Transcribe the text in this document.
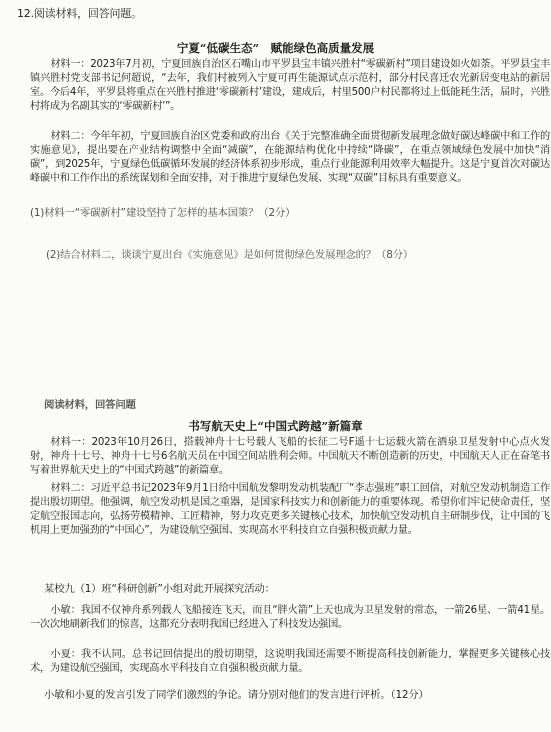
12.阅读材料，回答问题。
宁夏“低碳生态”　赋能绿色高质量发展
材料一：2023年7月初，宁夏回族自治区石嘴山市平罗县宝丰镇兴胜村“零碳新村”项目建设如火如荼。平罗县宝丰镇兴胜村党支部书记何超说，“去年，我们村被列入宁夏可再生能源试点示范村，部分村民喜迁农光新居变电站的新居室。今后4年，平罗县将重点在兴胜村推进‘零碳新村’建设，建成后，村里500户村民都将过上低能耗生活，届时，兴胜村将成为名副其实的‘零碳新村’”。
材料二：今年年初，宁夏回族自治区党委和政府出台《关于完整准确全面贯彻新发展理念做好碳达峰碳中和工作的实施意见》，提出要在产业结构调整中全面“减碳”，在能源结构优化中持续“降碳”，在重点领域绿色发展中加快“消碳”，到2025年，宁夏绿色低碳循环发展的经济体系初步形成，重点行业能源利用效率大幅提升。这是宁夏首次对碳达峰碳中和工作作出的系统谋划和全面安排，对于推进宁夏绿色发展、实现“双碳”目标具有重要意义。
(1)材料一“零碳新村”建设坚持了怎样的基本国策？（2分）
(2)结合材料二，谈谈宁夏出台《实施意见》是如何贯彻绿色发展理念的？（8分）
阅读材料，回答问题
书写航天史上“中国式跨越”新篇章
材料一：2023年10月26日，搭载神舟十七号载人飞船的长征二号F遥十七运载火箭在酒泉卫星发射中心点火发射，神舟十七号、神舟十七号6名航天员在中国空间站胜利会师。中国航天不断创造新的历史，中国航天人正在奋笔书写着世界航天史上的“中国式跨越”的新篇章。
材料二：习近平总书记2023年9月1日给中国航发黎明发动机装配厂“李志强班”职工回信，对航空发动机制造工作提出殷切期望。他强调，航空发动机是国之重器，是国家科技实力和创新能力的重要体现。希望你们牢记使命责任，坚定航空报国志向，弘扬劳模精神、工匠精神，努力攻克更多关键核心技术，加快航空发动机自主研制步伐，让中国的飞机用上更加强劲的“中国心”，为建设航空强国、实现高水平科技自立自强积极贡献力量。
某校九（1）班“科研创新”小组对此开展探究活动：
小敏：我国不仅神舟系列载人飞船接连飞天，而且“胖火箭”上天也成为卫星发射的常态，一箭26星、一箭41星。一次次地刷新我们的惊喜，这都充分表明我国已经进入了科技发达强国。
小夏：我不认同。总书记回信提出的殷切期望，这说明我国还需要不断提高科技创新能力，掌握更多关键核心技术，为建设航空强国，实现高水平科技自立自强积极贡献力量。
小敏和小夏的发言引发了同学们激烈的争论。请分别对他们的发言进行评析。（12分）
